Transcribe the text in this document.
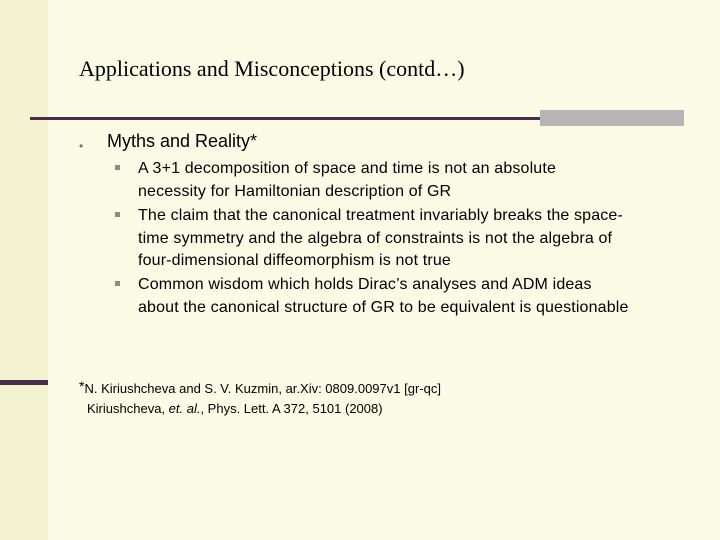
Applications and Misconceptions (contd…)
• Myths and Reality*
A 3+1 decomposition of space and time is not an absolute
necessity for Hamiltonian description of GR
The claim that the canonical treatment invariably breaks the space-
time symmetry and the algebra of constraints is not the algebra of
four-dimensional diffeomorphism is not true
Common wisdom which holds Dirac’s analyses and ADM ideas
about the canonical structure of GR to be equivalent is questionable
*N. Kiriushcheva and S. V. Kuzmin, ar.Xiv: 0809.0097v1 [gr-qc]
Kiriushcheva, et. al., Phys. Lett. A 372, 5101 (2008)
